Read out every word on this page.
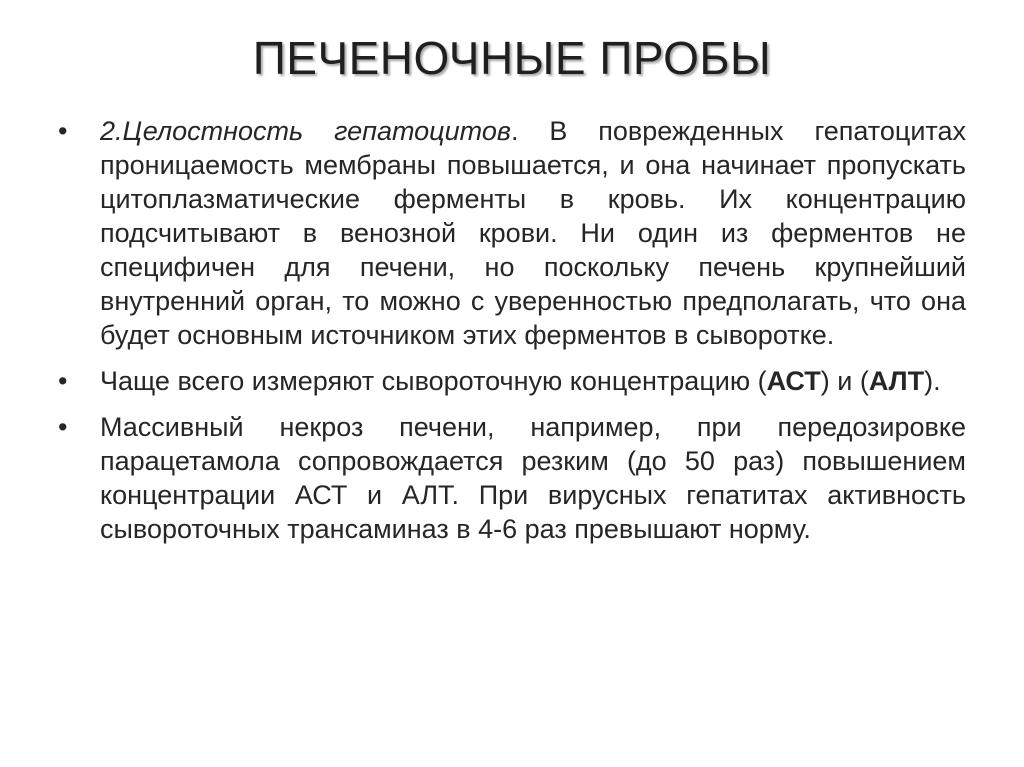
ПЕЧЕНОЧНЫЕ ПРОБЫ
• 2.Целостность гепатоцитов. В поврежденных гепатоцитах проницаемость мембраны повышается, и она начинает пропускать цитоплазматические ферменты в кровь. Их концентрацию подсчитывают в венозной крови. Ни один из ферментов не специфичен для печени, но поскольку печень крупнейший внутренний орган, то можно с уверенностью предполагать, что она будет основным источником этих ферментов в сыворотке.
• Чаще всего измеряют сывороточную концентрацию (АСТ) и (АЛТ).
• Массивный некроз печени, например, при передозировке парацетамола сопровождается резким (до 50 раз) повышением концентрации АСТ и АЛТ. При вирусных гепатитах активность сывороточных трансаминаз в 4-6 раз превышают норму.
